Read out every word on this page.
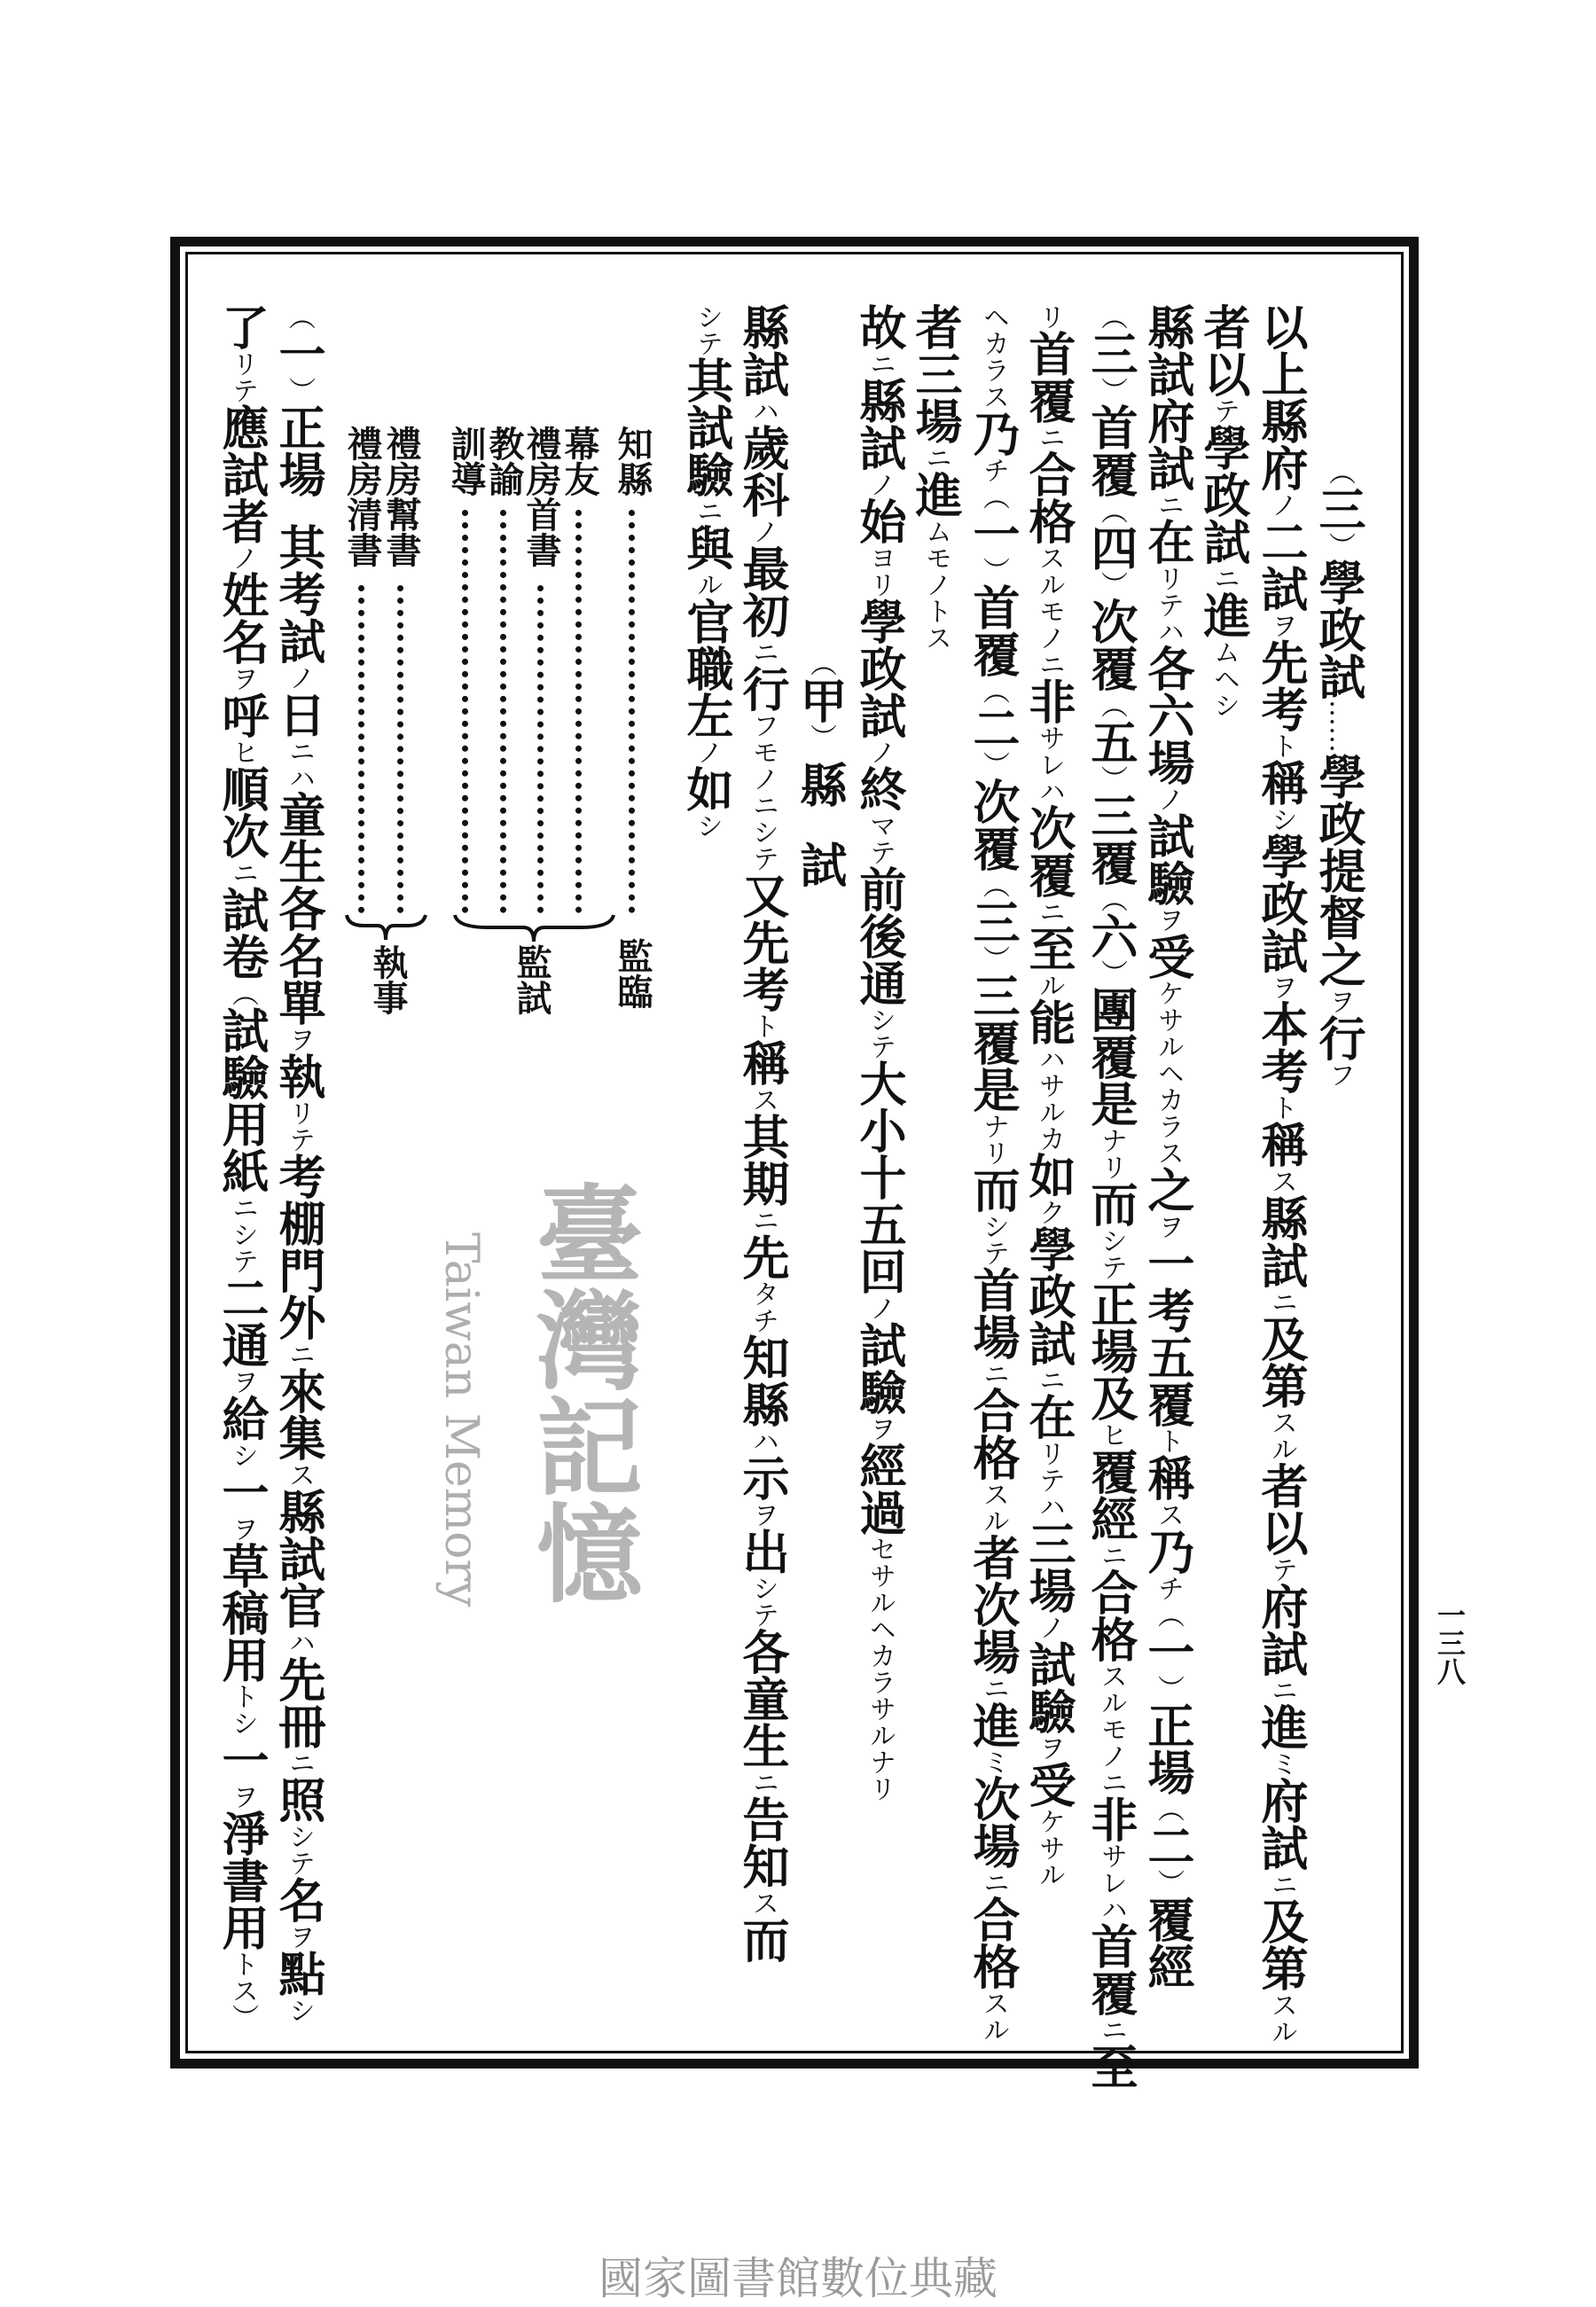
（三）學政試……學政提督之ヲ行フ
以上縣府ノ二試ヲ先考ト稱シ學政試ヲ本考ト稱ス縣試ニ及第スル者以テ府試ニ進ミ府試ニ及第スル
者以テ學政試ニ進ムヘシ
縣試府試ニ在リテハ各六場ノ試驗ヲ受ケサルヘカラス之ヲ一考五覆ト稱ス乃チ（一）正場（二）覆經
（三）首覆（四）次覆（五）三覆（六）團覆是ナリ而シテ正場及ヒ覆經ニ合格スルモノニ非サレハ首覆ニ至
リ首覆ニ合格スルモノニ非サレハ次覆ニ至ル能ハサルカ如ク學政試ニ在リテハ三場ノ試驗ヲ受ケサル
ヘカラス乃チ（一）首覆（二）次覆（三）三覆是ナリ而シテ首場ニ合格スル者次場ニ進ミ次場ニ合格スル
者三場ニ進ムモノトス
故ニ縣試ノ始ヨリ學政試ノ終マテ前後通シテ大小十五回ノ試驗ヲ經過セサルヘカラサルナリ
（甲）
縣
試
縣試ハ歲科ノ最初ニ行フモノニシテ又先考ト稱ス其期ニ先タチ知縣ハ示ヲ出シテ各童生ニ告知ス而
シテ其試驗ニ與ル官職左ノ如シ
知縣
幕友
禮房首書
教諭
訓導
禮房幫書
禮房清書
監臨
監試
執事
（一）正場
其考試ノ日ニハ童生各名單ヲ執リテ考棚門外ニ來集ス縣試官ハ先冊ニ照シテ名ヲ點シ
了リテ應試者ノ姓名ヲ呼ヒ順次ニ試卷（試驗用紙ニシテ二通ヲ給シ一ヲ草稿用トシ一ヲ淨書用トス）
一三八
臺灣記憶
Taiwan Memory
國家圖書館數位典藏
